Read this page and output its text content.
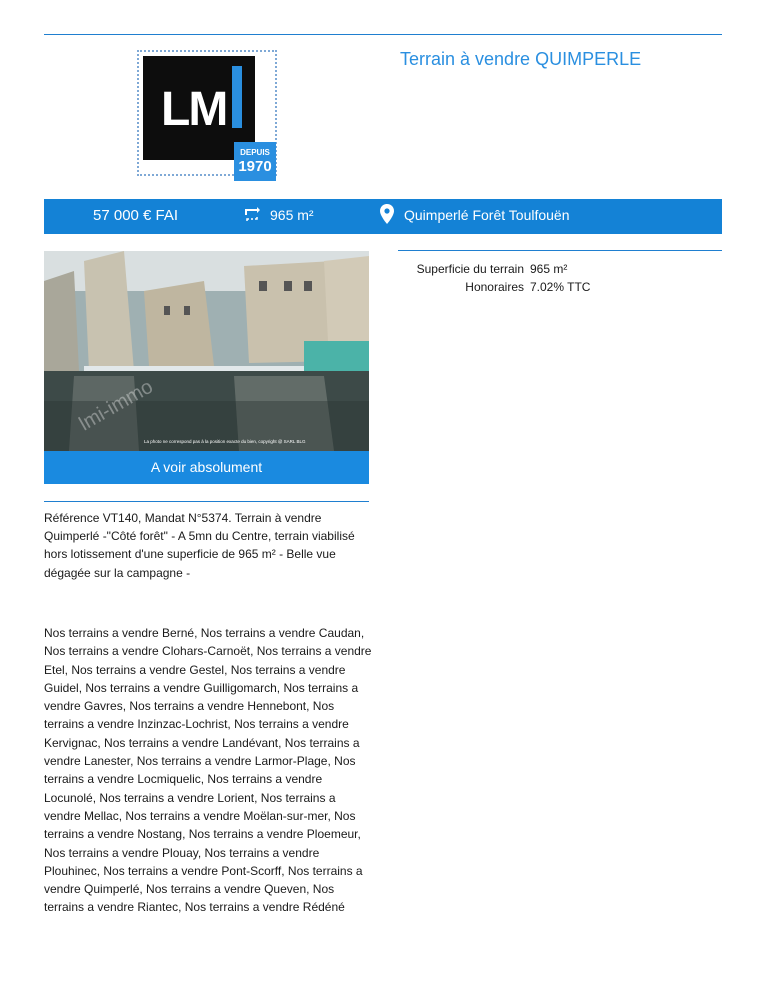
LM
DEPUIS
1970
Terrain à vendre QUIMPERLE
57 000 € FAI	965 m²	Quimperlé Forêt Toulfouën
lmi-immo
La photo ne correspond pas à la position exacte du bien, copyright @ SARL BLG
A voir absolument
Superficie du terrain 965 m²
Honoraires 7.02% TTC
Référence VT140, Mandat N°5374. Terrain à vendre Quimperlé -"Côté forêt" - A 5mn du Centre, terrain viabilisé hors lotissement d'une superficie de 965 m² - Belle vue dégagée sur la campagne -
Nos terrains a vendre Berné, Nos terrains a vendre Caudan, Nos terrains a vendre Clohars-Carnoët, Nos terrains a vendre Etel, Nos terrains a vendre Gestel, Nos terrains a vendre Guidel, Nos terrains a vendre Guilligomarch, Nos terrains a vendre Gavres, Nos terrains a vendre Hennebont, Nos terrains a vendre Inzinzac-Lochrist, Nos terrains a vendre Kervignac, Nos terrains a vendre Landévant, Nos terrains a vendre Lanester, Nos terrains a vendre Larmor-Plage, Nos terrains a vendre Locmiquelic, Nos terrains a vendre Locunolé, Nos terrains a vendre Lorient, Nos terrains a vendre Mellac, Nos terrains a vendre Moëlan-sur-mer, Nos terrains a vendre Nostang, Nos terrains a vendre Ploemeur, Nos terrains a vendre Plouay, Nos terrains a vendre Plouhinec, Nos terrains a vendre Pont-Scorff, Nos terrains a vendre Quimperlé, Nos terrains a vendre Queven, Nos terrains a vendre Riantec, Nos terrains a vendre Rédéné
